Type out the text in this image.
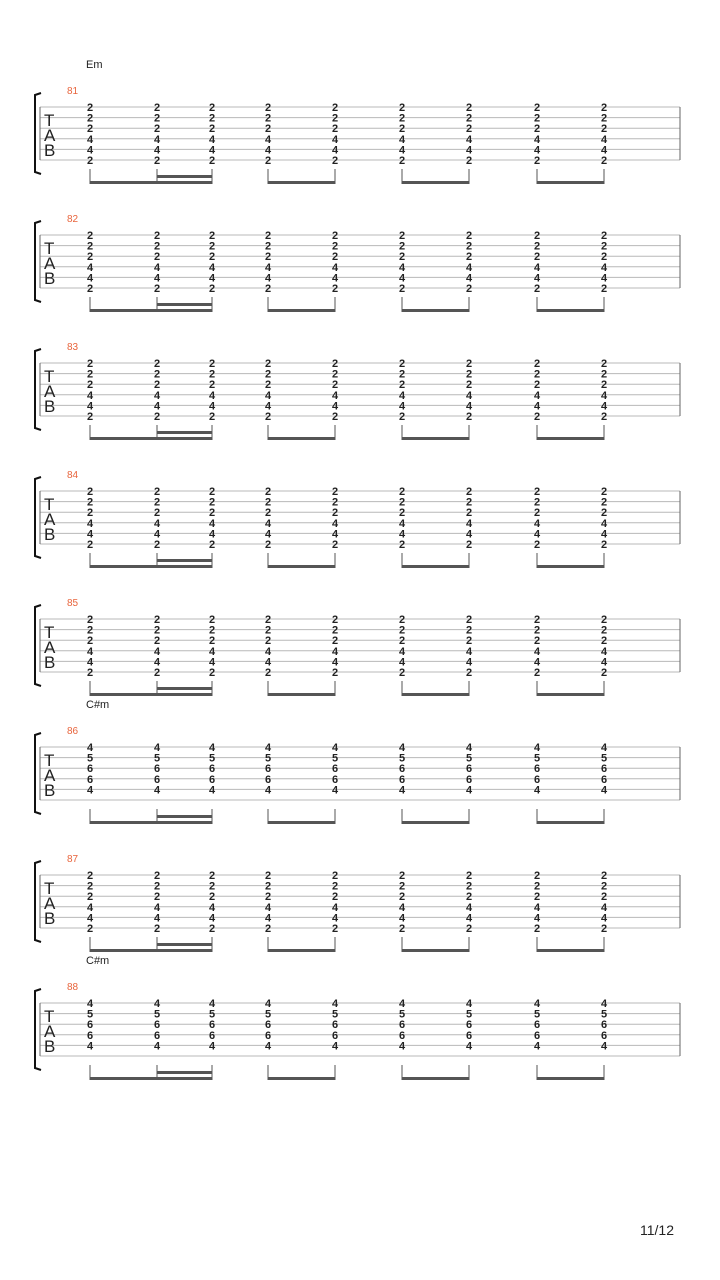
Em
81
T
A
B
2
2
2
4
4
2
2
2
2
4
4
2
2
2
2
4
4
2
2
2
2
4
4
2
2
2
2
4
4
2
2
2
2
4
4
2
2
2
2
4
4
2
2
2
2
4
4
2
2
2
2
4
4
2
82
T
A
B
2
2
2
4
4
2
2
2
2
4
4
2
2
2
2
4
4
2
2
2
2
4
4
2
2
2
2
4
4
2
2
2
2
4
4
2
2
2
2
4
4
2
2
2
2
4
4
2
2
2
2
4
4
2
83
T
A
B
2
2
2
4
4
2
2
2
2
4
4
2
2
2
2
4
4
2
2
2
2
4
4
2
2
2
2
4
4
2
2
2
2
4
4
2
2
2
2
4
4
2
2
2
2
4
4
2
2
2
2
4
4
2
84
T
A
B
2
2
2
4
4
2
2
2
2
4
4
2
2
2
2
4
4
2
2
2
2
4
4
2
2
2
2
4
4
2
2
2
2
4
4
2
2
2
2
4
4
2
2
2
2
4
4
2
2
2
2
4
4
2
85
T
A
B
2
2
2
4
4
2
2
2
2
4
4
2
2
2
2
4
4
2
2
2
2
4
4
2
2
2
2
4
4
2
2
2
2
4
4
2
2
2
2
4
4
2
2
2
2
4
4
2
2
2
2
4
4
2
C#m
86
T
A
B
4
5
6
6
4
4
5
6
6
4
4
5
6
6
4
4
5
6
6
4
4
5
6
6
4
4
5
6
6
4
4
5
6
6
4
4
5
6
6
4
4
5
6
6
4
87
T
A
B
2
2
2
4
4
2
2
2
2
4
4
2
2
2
2
4
4
2
2
2
2
4
4
2
2
2
2
4
4
2
2
2
2
4
4
2
2
2
2
4
4
2
2
2
2
4
4
2
2
2
2
4
4
2
C#m
88
T
A
B
4
5
6
6
4
4
5
6
6
4
4
5
6
6
4
4
5
6
6
4
4
5
6
6
4
4
5
6
6
4
4
5
6
6
4
4
5
6
6
4
4
5
6
6
4
11/12
